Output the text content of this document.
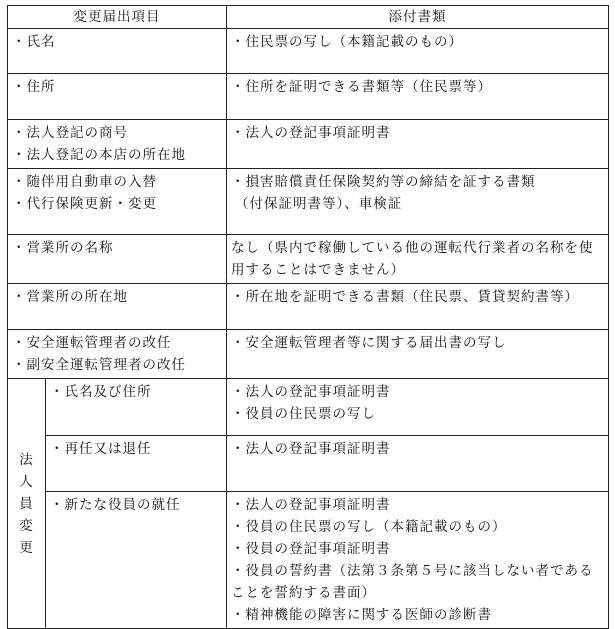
変更届出項目		添付書類

・氏名		・住民票の写し（本籍記載のもの）

・住所		・住所を証明できる書類等（住民票等）

・法人登記の商号
・法人登記の本店の所在地		・法人の登記事項証明書

・随伴用自動車の入替
・代行保険更新・変更		・損害賠償責任保険契約等の締結を証する書類
（付保証明書等）、車検証

・営業所の名称		なし（県内で稼働している他の運転代行業者の名称を使用することはできません）

・営業所の所在地		・所在地を証明できる書類（住民票、賃貸契約書等）

・安全運転管理者の改任
・副安全運転管理者の改任		・安全運転管理者等に関する届出書の写し

法
人
員
変
更	・氏名及び住所	・法人の登記事項証明書
・役員の住民票の写し

	・再任又は退任	・法人の登記事項証明書

	・新たな役員の就任	・法人の登記事項証明書
・役員の住民票の写し（本籍記載のもの）
・役員の登記事項証明書
・役員の誓約書（法第３条第５号に該当しない者であることを誓約する書面）
・精神機能の障害に関する医師の診断書
